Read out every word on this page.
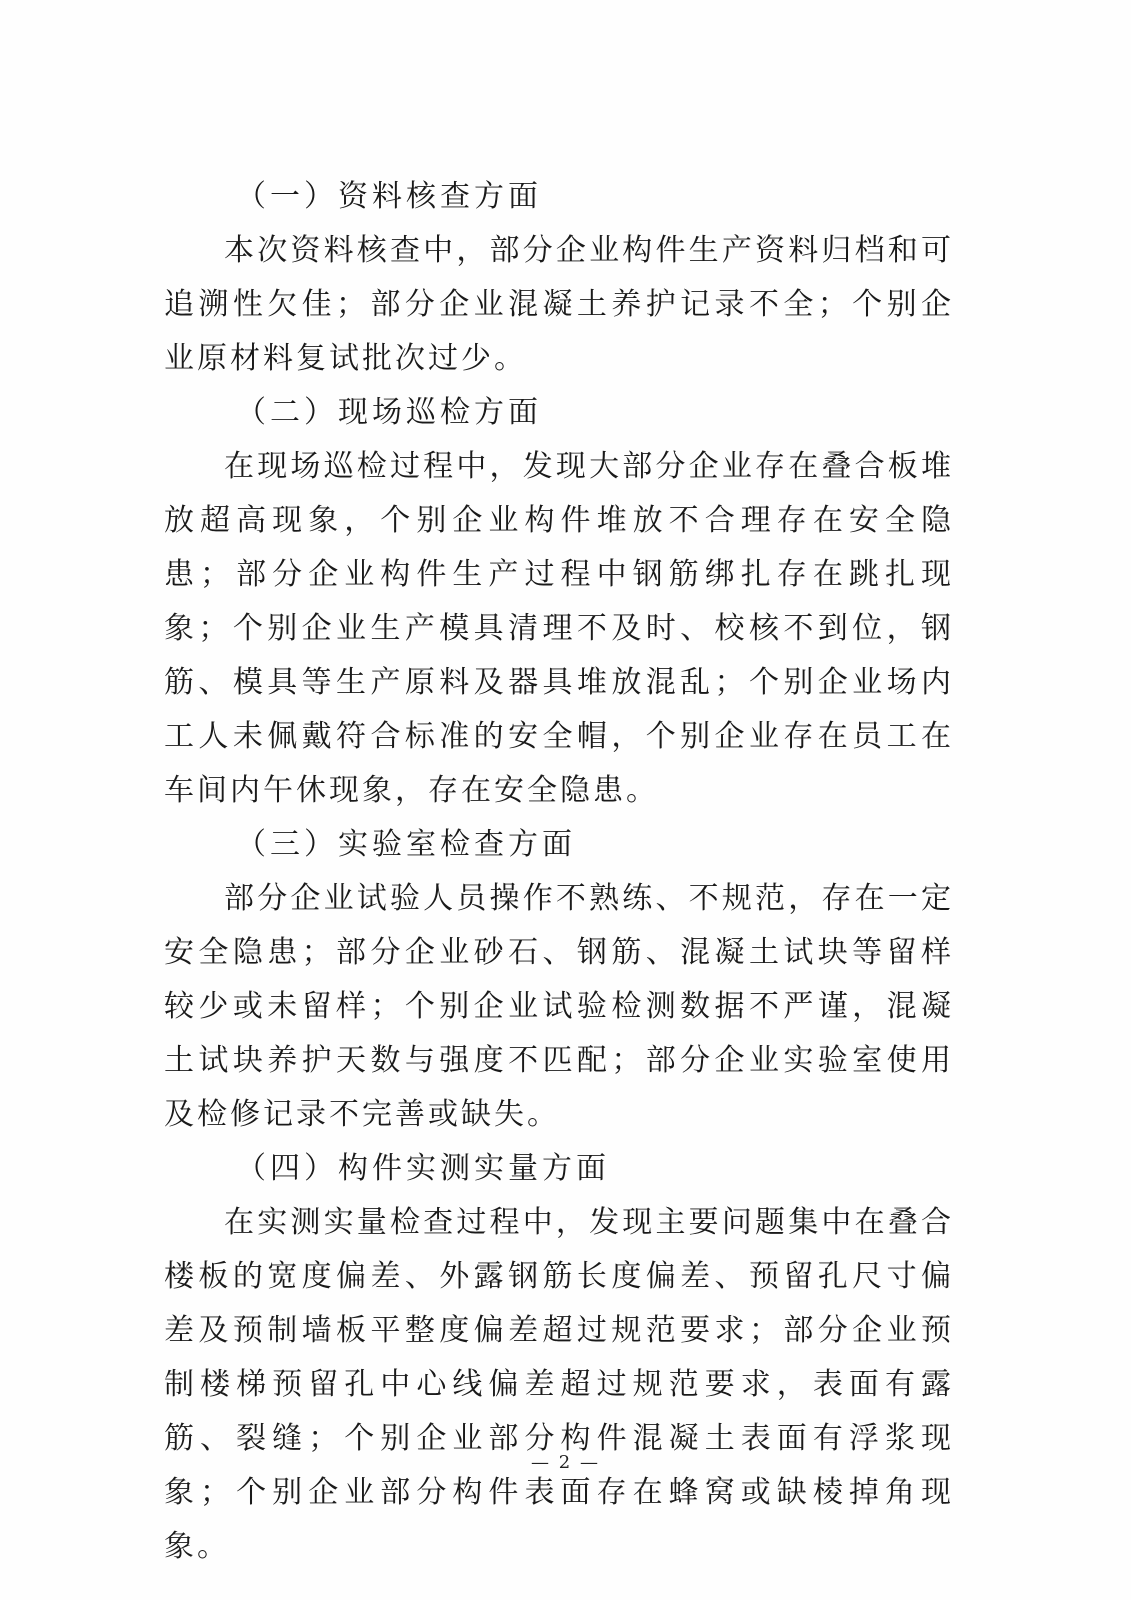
（一）资料核查方面

本次资料核查中，部分企业构件生产资料归档和可追溯性欠佳；部分企业混凝土养护记录不全；个别企业原材料复试批次过少。

（二）现场巡检方面

在现场巡检过程中，发现大部分企业存在叠合板堆放超高现象，个别企业构件堆放不合理存在安全隐患；部分企业构件生产过程中钢筋绑扎存在跳扎现象；个别企业生产模具清理不及时、校核不到位，钢筋、模具等生产原料及器具堆放混乱；个别企业场内工人未佩戴符合标准的安全帽，个别企业存在员工在车间内午休现象，存在安全隐患。

（三）实验室检查方面

部分企业试验人员操作不熟练、不规范，存在一定安全隐患；部分企业砂石、钢筋、混凝土试块等留样较少或未留样；个别企业试验检测数据不严谨，混凝土试块养护天数与强度不匹配；部分企业实验室使用及检修记录不完善或缺失。

（四）构件实测实量方面

在实测实量检查过程中，发现主要问题集中在叠合楼板的宽度偏差、外露钢筋长度偏差、预留孔尺寸偏差及预制墙板平整度偏差超过规范要求；部分企业预制楼梯预留孔中心线偏差超过规范要求，表面有露筋、裂缝；个别企业部分构件混凝土表面有浮浆现象；个别企业部分构件表面存在蜂窝或缺棱掉角现象。

— 2 —
